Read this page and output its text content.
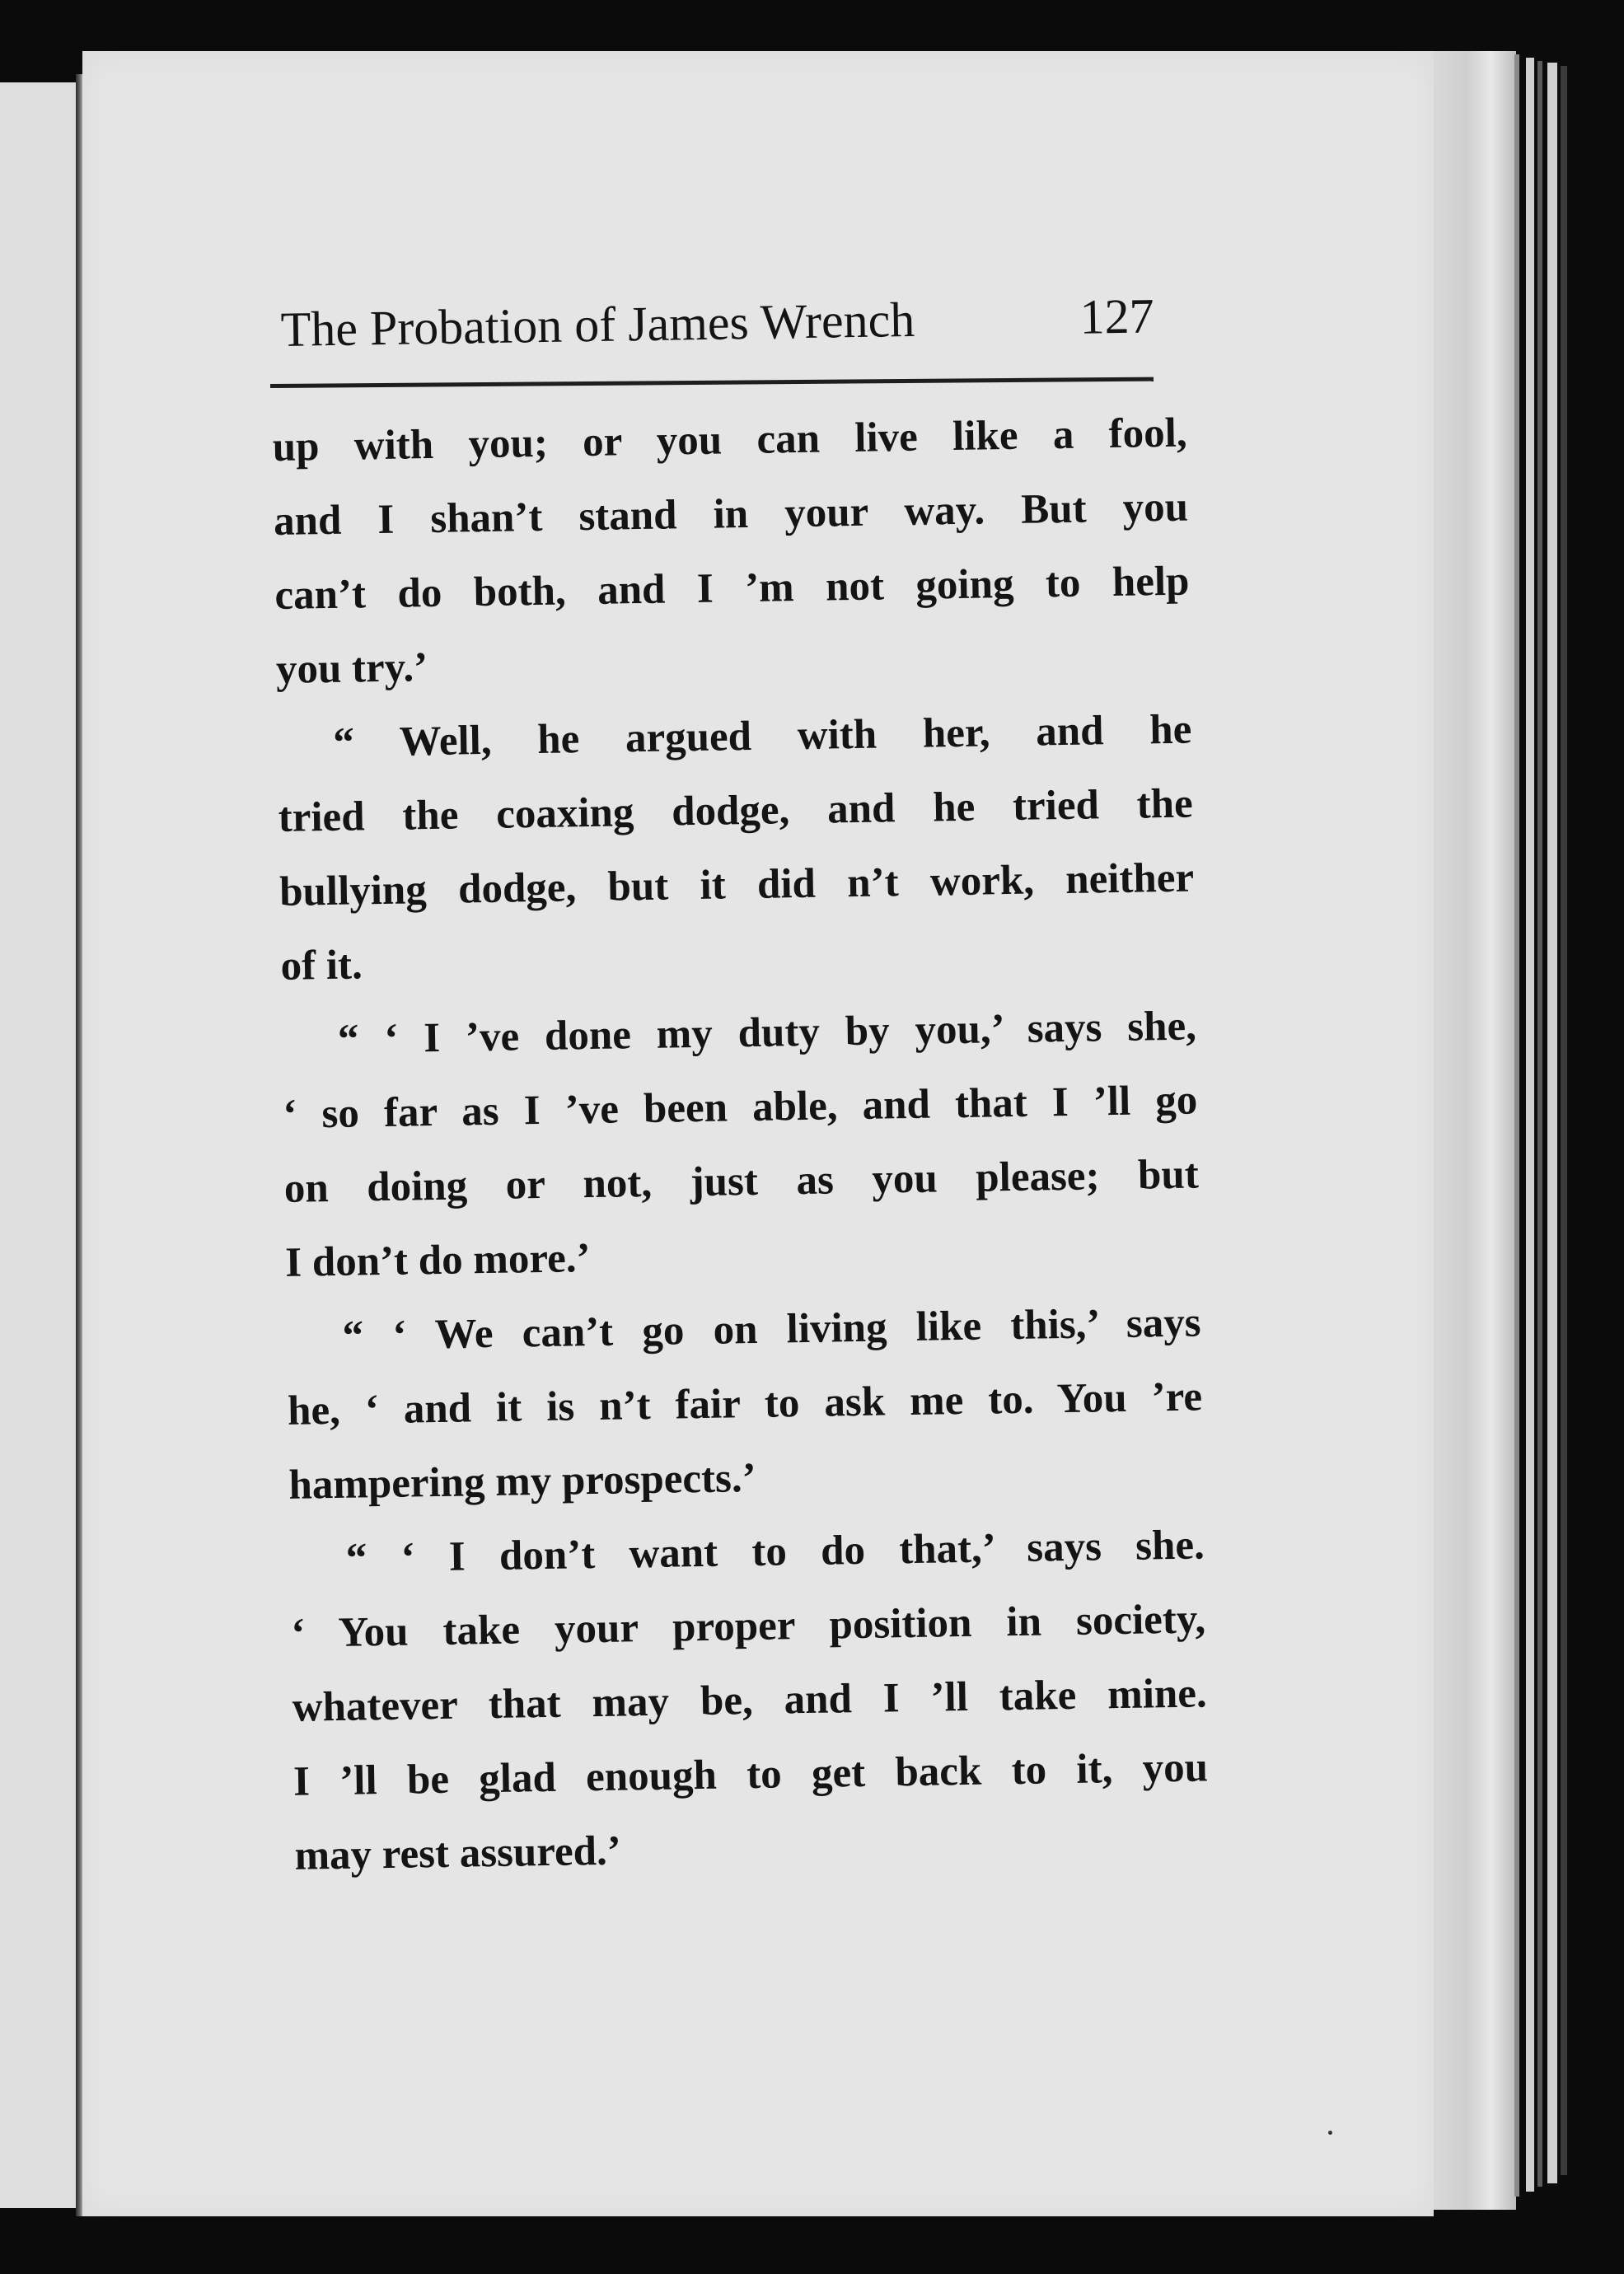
The Probation of James Wrench	127
up with you; or you can live like a fool,
and I shan’t stand in your way. But you
can’t do both, and I ’m not going to help
you try.’
“ Well, he argued with her, and he
tried the coaxing dodge, and he tried the
bullying dodge, but it did n’t work, neither
of it.
“ ‘ I ’ve done my duty by you,’ says she,
‘ so far as I ’ve been able, and that I ’ll go
on doing or not, just as you please; but
I don’t do more.’
“ ‘ We can’t go on living like this,’ says
he, ‘ and it is n’t fair to ask me to. You ’re
hampering my prospects.’
“ ‘ I don’t want to do that,’ says she.
‘ You take your proper position in society,
whatever that may be, and I ’ll take mine.
I ’ll be glad enough to get back to it, you
may rest assured.’
